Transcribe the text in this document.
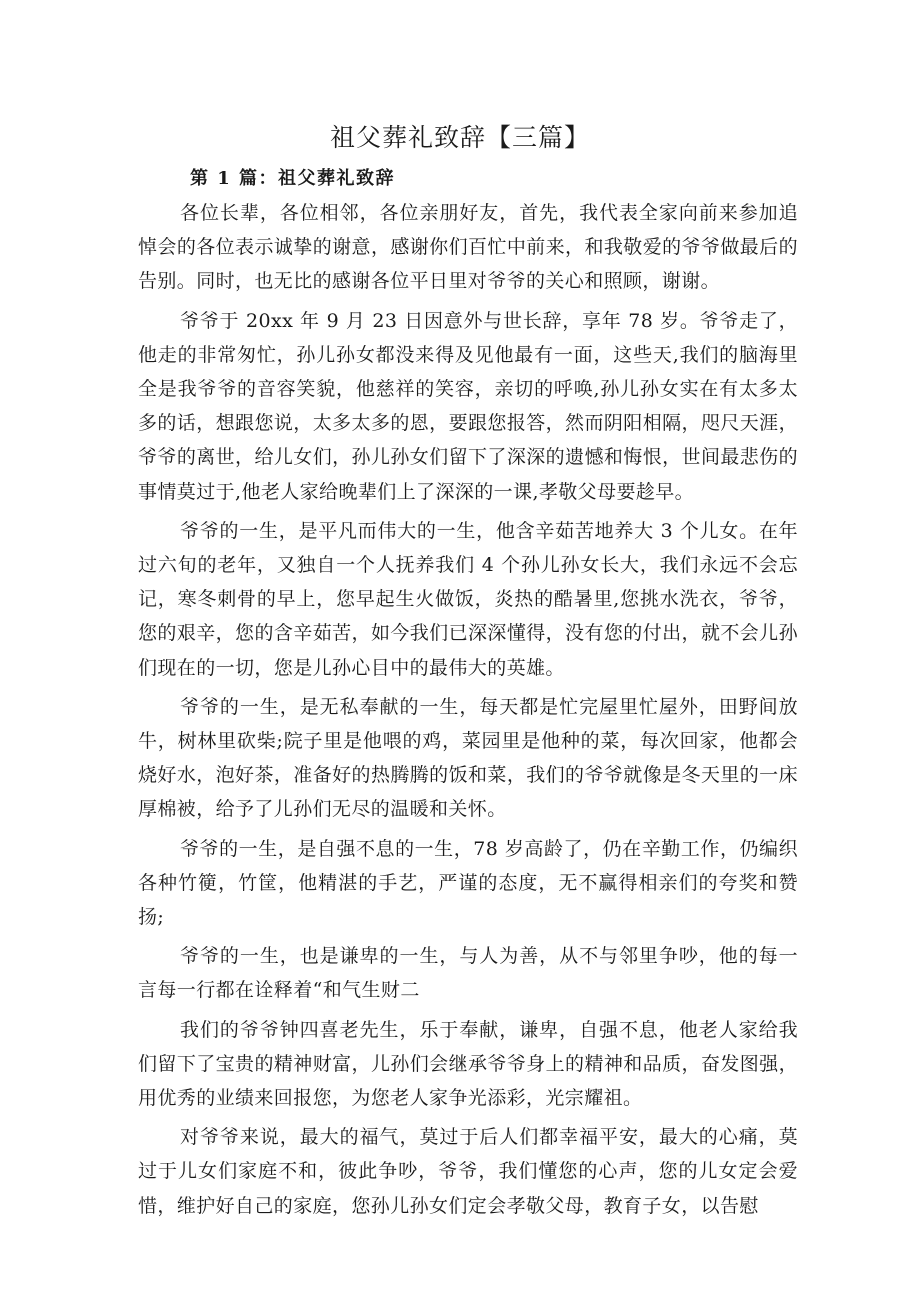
祖父葬礼致辞【三篇】
第 1 篇：祖父葬礼致辞

各位长辈，各位相邻，各位亲朋好友，首先，我代表全家向前来参加追悼会的各位表示诚挚的谢意，感谢你们百忙中前来，和我敬爱的爷爷做最后的告别。同时，也无比的感谢各位平日里对爷爷的关心和照顾，谢谢。

爷爷于 20xx 年 9 月 23 日因意外与世长辞，享年 78 岁。爷爷走了，他走的非常匆忙，孙儿孙女都没来得及见他最有一面，这些天,我们的脑海里全是我爷爷的音容笑貌，他慈祥的笑容，亲切的呼唤,孙儿孙女实在有太多太多的话，想跟您说，太多太多的恩，要跟您报答，然而阴阳相隔，咫尺天涯，爷爷的离世，给儿女们，孙儿孙女们留下了深深的遗憾和悔恨，世间最悲伤的事情莫过于,他老人家给晚辈们上了深深的一课,孝敬父母要趁早。

爷爷的一生，是平凡而伟大的一生，他含辛茹苦地养大 3 个儿女。在年过六旬的老年，又独自一个人抚养我们 4 个孙儿孙女长大，我们永远不会忘记，寒冬刺骨的早上，您早起生火做饭，炎热的酷暑里,您挑水洗衣，爷爷，您的艰辛，您的含辛茹苦，如今我们已深深懂得，没有您的付出，就不会儿孙们现在的一切，您是儿孙心目中的最伟大的英雄。

爷爷的一生，是无私奉献的一生，每天都是忙完屋里忙屋外，田野间放牛，树林里砍柴;院子里是他喂的鸡，菜园里是他种的菜，每次回家，他都会烧好水，泡好茶，准备好的热腾腾的饭和菜，我们的爷爷就像是冬天里的一床厚棉被，给予了儿孙们无尽的温暖和关怀。

爷爷的一生，是自强不息的一生，78 岁高龄了，仍在辛勤工作，仍编织各种竹箯，竹筐，他精湛的手艺，严谨的态度，无不赢得相亲们的夸奖和赞扬;

爷爷的一生，也是谦卑的一生，与人为善，从不与邻里争吵，他的每一言每一行都在诠释着“和气生财二

我们的爷爷钟四喜老先生，乐于奉献，谦卑，自强不息，他老人家给我们留下了宝贵的精神财富，儿孙们会继承爷爷身上的精神和品质，奋发图强，用优秀的业绩来回报您，为您老人家争光添彩，光宗耀祖。

对爷爷来说，最大的福气，莫过于后人们都幸福平安，最大的心痛，莫过于儿女们家庭不和，彼此争吵，爷爷，我们懂您的心声，您的儿女定会爱惜，维护好自己的家庭，您孙儿孙女们定会孝敬父母，教育子女，以告慰
